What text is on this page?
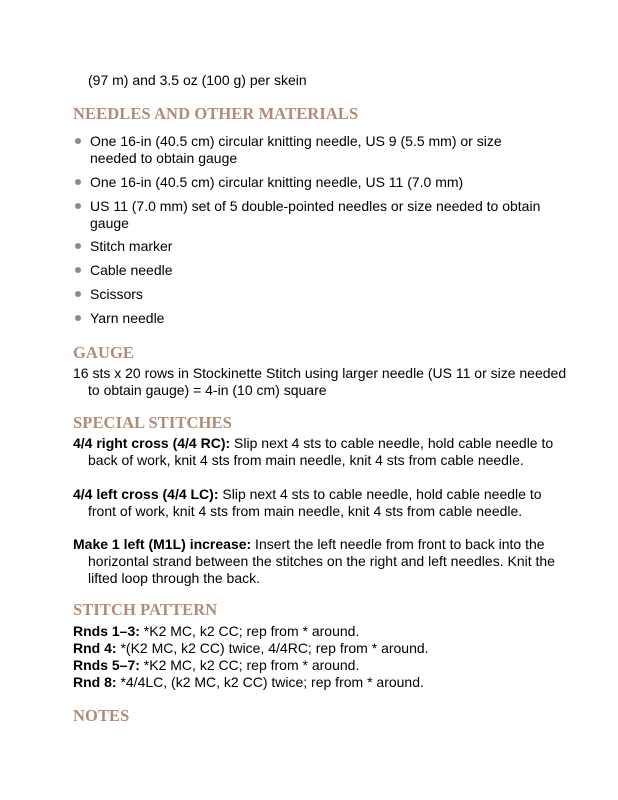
(97 m) and 3.5 oz (100 g) per skein
NEEDLES AND OTHER MATERIALS
One 16-in (40.5 cm) circular knitting needle, US 9 (5.5 mm) or size needed to obtain gauge
One 16-in (40.5 cm) circular knitting needle, US 11 (7.0 mm)
US 11 (7.0 mm) set of 5 double-pointed needles or size needed to obtain gauge
Stitch marker
Cable needle
Scissors
Yarn needle
GAUGE

16 sts x 20 rows in Stockinette Stitch using larger needle (US 11 or size needed to obtain gauge) = 4-in (10 cm) square

SPECIAL STITCHES

4/4 right cross (4/4 RC): Slip next 4 sts to cable needle, hold cable needle to back of work, knit 4 sts from main needle, knit 4 sts from cable needle.

4/4 left cross (4/4 LC): Slip next 4 sts to cable needle, hold cable needle to front of work, knit 4 sts from main needle, knit 4 sts from cable needle.

Make 1 left (M1L) increase: Insert the left needle from front to back into the horizontal strand between the stitches on the right and left needles. Knit the lifted loop through the back.

STITCH PATTERN

Rnds 1–3: *K2 MC, k2 CC; rep from * around.

Rnd 4: *(K2 MC, k2 CC) twice, 4/4RC; rep from * around.

Rnds 5–7: *K2 MC, k2 CC; rep from * around.

Rnd 8: *4/4LC, (k2 MC, k2 CC) twice; rep from * around.

NOTES
